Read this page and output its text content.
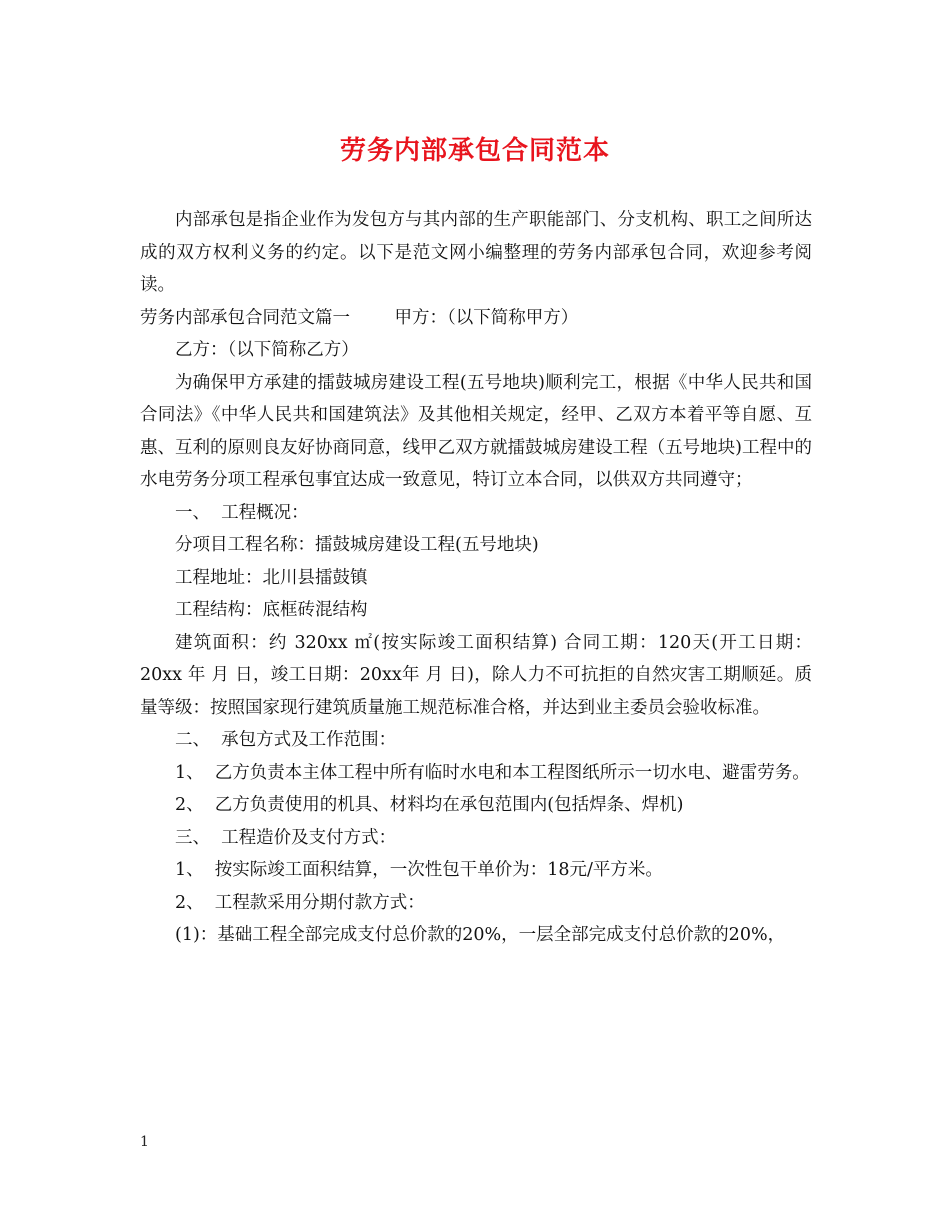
劳务内部承包合同范本

内部承包是指企业作为发包方与其内部的生产职能部门、分支机构、职工之间所达成的双方权利义务的约定。以下是范文网小编整理的劳务内部承包合同，欢迎参考阅读。

劳务内部承包合同范文篇一        甲方：（以下简称甲方）

乙方：（以下简称乙方）

为确保甲方承建的擂鼓城房建设工程(五号地块)顺利完工，根据《中华人民共和国合同法》《中华人民共和国建筑法》及其他相关规定，经甲、乙双方本着平等自愿、互惠、互利的原则良友好协商同意，线甲乙双方就擂鼓城房建设工程（五号地块)工程中的水电劳务分项工程承包事宜达成一致意见，特订立本合同，以供双方共同遵守；

一、  工程概况：

分项目工程名称：擂鼓城房建设工程(五号地块)

工程地址：北川县擂鼓镇

工程结构：底框砖混结构

建筑面积：约 320xx ㎡(按实际竣工面积结算) 合同工期：120天(开工日期： 20xx 年 月 日，竣工日期：20xx年 月 日)，除人力不可抗拒的自然灾害工期顺延。质量等级：按照国家现行建筑质量施工规范标准合格，并达到业主委员会验收标准。

二、  承包方式及工作范围：

1、  乙方负责本主体工程中所有临时水电和本工程图纸所示一切水电、避雷劳务。

2、  乙方负责使用的机具、材料均在承包范围内(包括焊条、焊机)

三、  工程造价及支付方式：

1、  按实际竣工面积结算，一次性包干单价为：18元/平方米。

2、  工程款采用分期付款方式：

(1)：基础工程全部完成支付总价款的20%，一层全部完成支付总价款的20%，

1
